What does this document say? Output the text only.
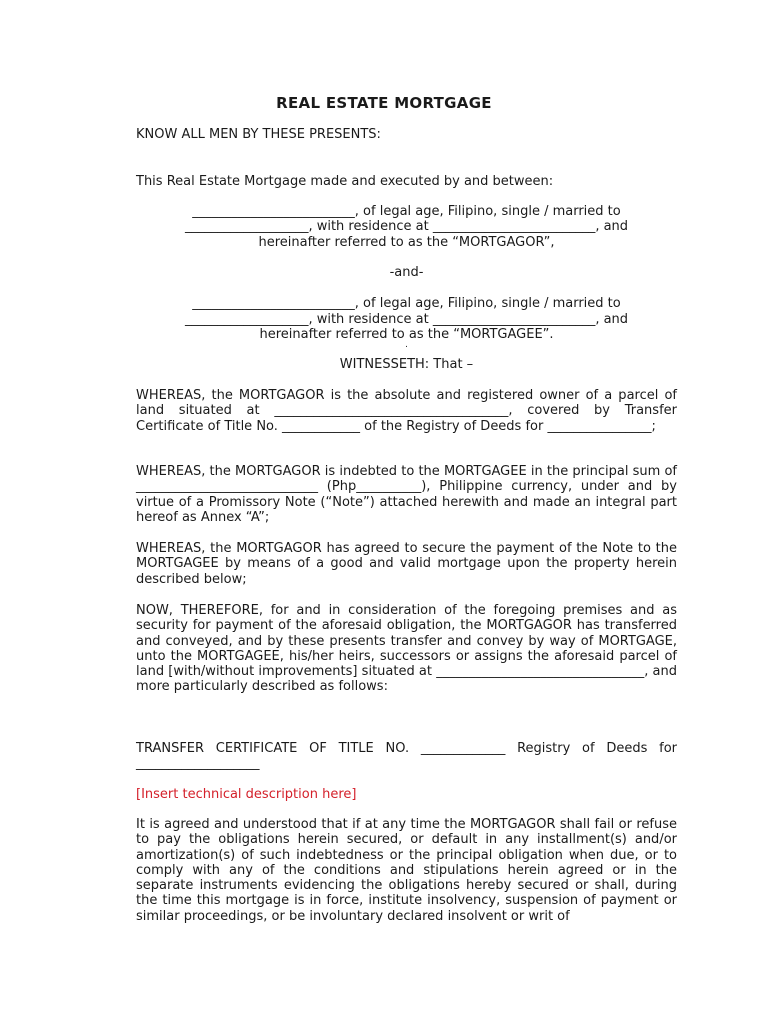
REAL ESTATE MORTGAGE
KNOW ALL MEN BY THESE PRESENTS:
This Real Estate Mortgage made and executed by and between:
_________________________, of legal age, Filipino, single / married to
___________________, with residence at _________________________, and
hereinafter referred to as the “MORTGAGOR”,
-and-
_________________________, of legal age, Filipino, single / married to
___________________, with residence at _________________________, and
hereinafter referred to as the “MORTGAGEE”.
.
WITNESSETH: That –
WHEREAS, the MORTGAGOR is the absolute and registered owner of a parcel of land situated at ____________________________________, covered by Transfer Certificate of Title No. ____________ of the Registry of Deeds for ________________;
WHEREAS, the MORTGAGOR is indebted to the MORTGAGEE in the principal sum of ____________________________ (Php__________), Philippine currency, under and by virtue of a Promissory Note (“Note”) attached herewith and made an integral part hereof as Annex “A”;
WHEREAS, the MORTGAGOR has agreed to secure the payment of the Note to the MORTGAGEE by means of a good and valid mortgage upon the property herein described below;
NOW, THEREFORE, for and in consideration of the foregoing premises and as security for payment of the aforesaid obligation, the MORTGAGOR has transferred and conveyed, and by these presents transfer and convey by way of MORTGAGE, unto the MORTGAGEE, his/her heirs, successors or assigns the aforesaid parcel of land [with/without improvements] situated at ________________________________, and more particularly described as follows:
TRANSFER CERTIFICATE OF TITLE NO. _____________ Registry of Deeds for ___________________
[Insert technical description here]
It is agreed and understood that if at any time the MORTGAGOR shall fail or refuse to pay the obligations herein secured, or default in any installment(s) and/or amortization(s) of such indebtedness or the principal obligation when due, or to comply with any of the conditions and stipulations herein agreed or in the separate instruments evidencing the obligations hereby secured or shall, during the time this mortgage is in force, institute insolvency, suspension of payment or similar proceedings, or be involuntary declared insolvent or writ of
